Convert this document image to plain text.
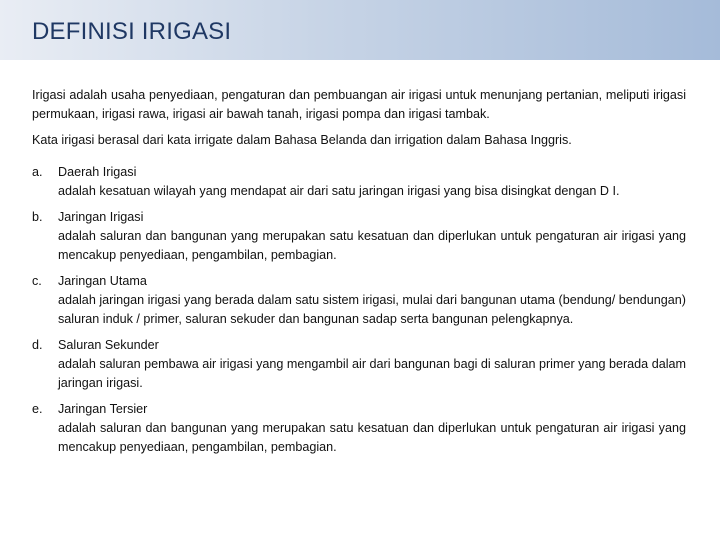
DEFINISI IRIGASI

Irigasi adalah usaha penyediaan, pengaturan dan pembuangan air irigasi untuk menunjang pertanian, meliputi irigasi permukaan, irigasi rawa, irigasi air bawah tanah, irigasi pompa dan irigasi tambak.

Kata irigasi berasal dari kata irrigate dalam Bahasa Belanda dan irrigation dalam Bahasa Inggris.

a.	Daerah Irigasi
adalah kesatuan wilayah yang mendapat air dari satu jaringan irigasi yang bisa disingkat dengan D I.
b.	Jaringan Irigasi
adalah saluran dan bangunan yang merupakan satu kesatuan dan diperlukan untuk pengaturan air irigasi yang mencakup penyediaan, pengambilan, pembagian.
c.	Jaringan Utama
adalah jaringan irigasi yang berada dalam satu sistem irigasi, mulai dari bangunan utama (bendung/ bendungan) saluran induk / primer, saluran sekuder dan bangunan sadap serta bangunan pelengkapnya.
d.	Saluran Sekunder
adalah saluran pembawa air irigasi yang mengambil air dari bangunan bagi di saluran primer yang berada dalam jaringan irigasi.
e.	Jaringan Tersier
adalah saluran dan bangunan yang merupakan satu kesatuan dan diperlukan untuk pengaturan air irigasi yang mencakup penyediaan, pengambilan, pembagian.
